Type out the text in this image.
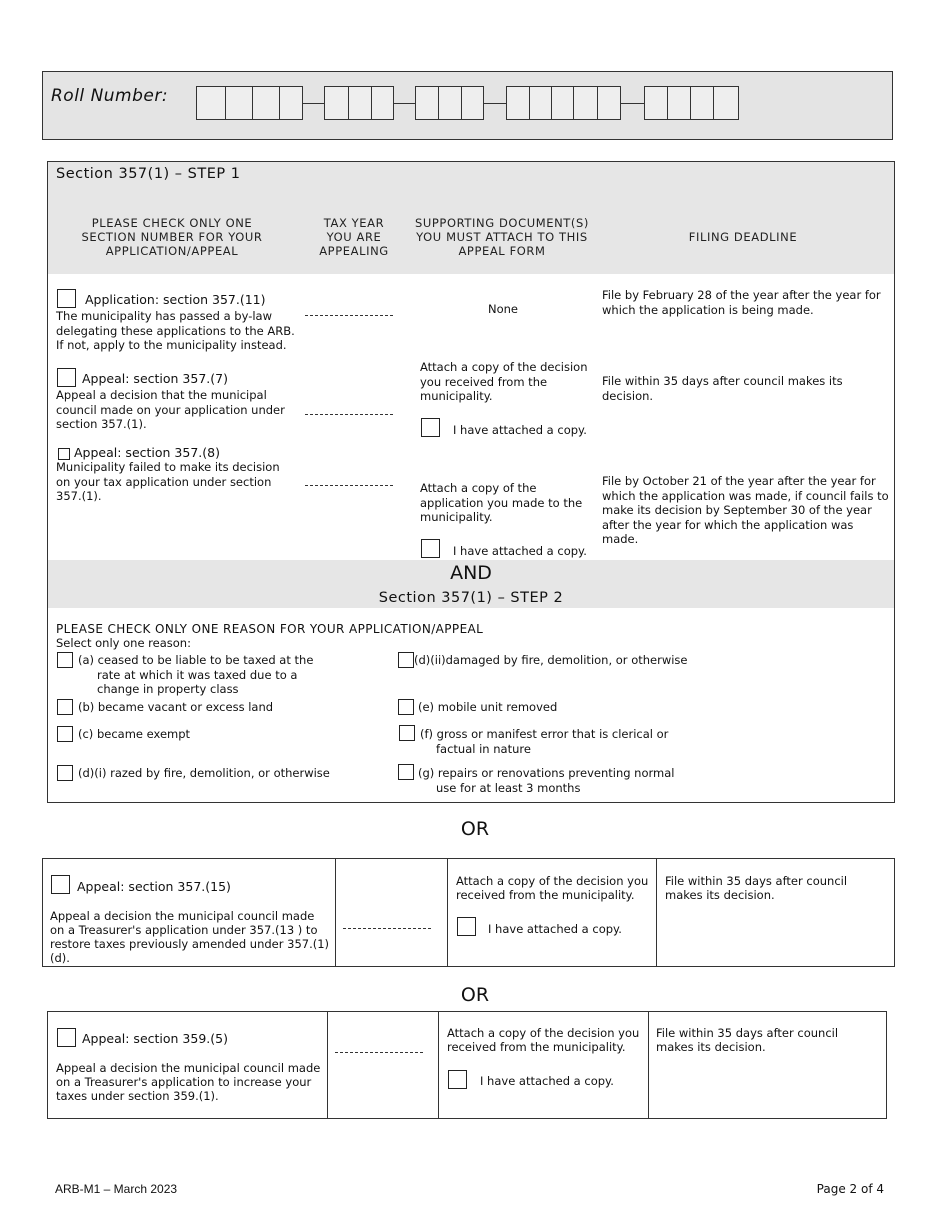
Roll Number:
Section 357(1) – STEP 1
PLEASE CHECK ONLY ONE SECTION NUMBER FOR YOUR APPLICATION/APPEAL
TAX YEAR YOU ARE APPEALING
SUPPORTING DOCUMENT(S) YOU MUST ATTACH TO THIS APPEAL FORM
FILING DEADLINE
Application: section 357.(11)
The municipality has passed a by-law delegating these applications to the ARB. If not, apply to the municipality instead.
None
File by February 28 of the year after the year for which the application is being made.
Appeal: section 357.(7)
Appeal a decision that the municipal council made on your application under section 357.(1).
Attach a copy of the decision you received from the municipality.
I have attached a copy.
File within 35 days after council makes its decision.
Appeal: section 357.(8)
Municipality failed to make its decision on your tax application under section 357.(1).
Attach a copy of the application you made to the municipality.
I have attached a copy.
File by October 21 of the year after the year for which the application was made, if council fails to make its decision by September 30 of the year after the year for which the application was made.
AND
Section 357(1) – STEP 2
PLEASE CHECK ONLY ONE REASON FOR YOUR APPLICATION/APPEAL
Select only one reason:
(a) ceased to be liable to be taxed at the rate at which it was taxed due to a change in property class
(b) became vacant or excess land
(c) became exempt
(d)(i) razed by fire, demolition, or otherwise
(d)(ii)damaged by fire, demolition, or otherwise
(e) mobile unit removed
(f) gross or manifest error that is clerical or factual in nature
(g) repairs or renovations preventing normal use for at least 3 months
OR
Appeal: section 357.(15)
Appeal a decision the municipal council made on a Treasurer's application under 357.(13 ) to restore taxes previously amended under 357.(1)(d).
Attach a copy of the decision you received from the municipality.
I have attached a copy.
File within 35 days after council makes its decision.
OR
Appeal: section 359.(5)
Appeal a decision the municipal council made on a Treasurer's application to increase your taxes under section 359.(1).
Attach a copy of the decision you received from the municipality.
I have attached a copy.
File within 35 days after council makes its decision.
ARB-M1 – March 2023	Page 2 of 4
